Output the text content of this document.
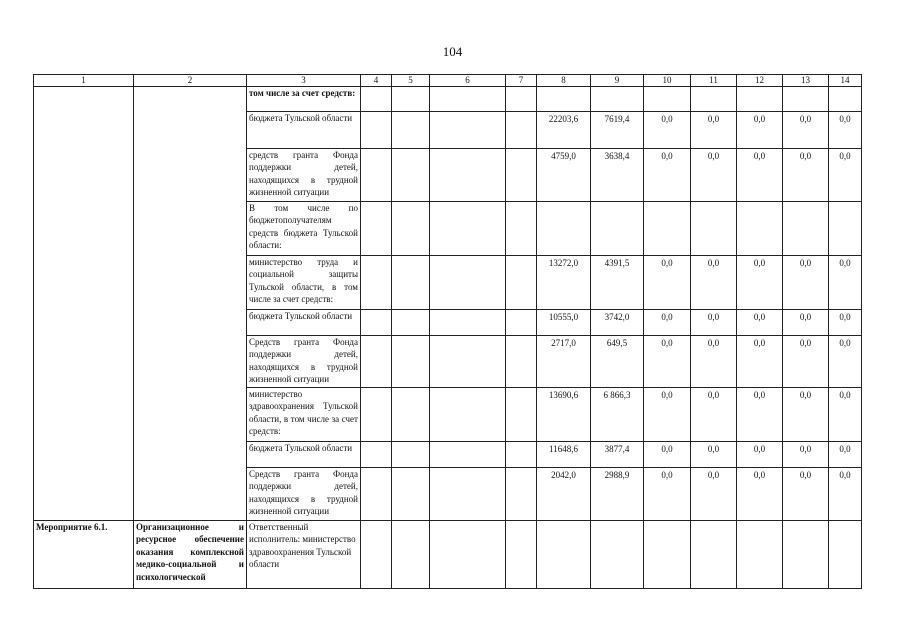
104
1	2	3	4	5	6	7	8	9	10	11	12	13	14
		том числе за счет средств:											
		бюджета Тульской области					22203,6	7619,4	0,0	0,0	0,0	0,0	0,0
		средств гранта Фонда поддержки детей, находящихся в трудной жизненной ситуации					4759,0	3638,4	0,0	0,0	0,0	0,0	0,0
		В том числе по бюджетополучателям средств бюджета Тульской области:											
		министерство труда и социальной защиты Тульской области, в том числе за счет средств:					13272,0	4391,5	0,0	0,0	0,0	0,0	0,0
		бюджета Тульской области					10555,0	3742,0	0,0	0,0	0,0	0,0	0,0
		Средств гранта Фонда поддержки детей, находящихся в трудной жизненной ситуации					2717,0	649,5	0,0	0,0	0,0	0,0	0,0
		министерство здравоохранения Тульской области, в том числе за счет средств:					13690,6	6 866,3	0,0	0,0	0,0	0,0	0,0
		бюджета Тульской области					11648,6	3877,4	0,0	0,0	0,0	0,0	0,0
		Средств гранта Фонда поддержки детей, находящихся в трудной жизненной ситуации					2042,0	2988,9	0,0	0,0	0,0	0,0	0,0
Мероприятие 6.1.	Организационное и ресурсное обеспечение оказания комплексной медико-социальной и психологической	Ответственный исполнитель: министерство здравоохранения Тульской области											
